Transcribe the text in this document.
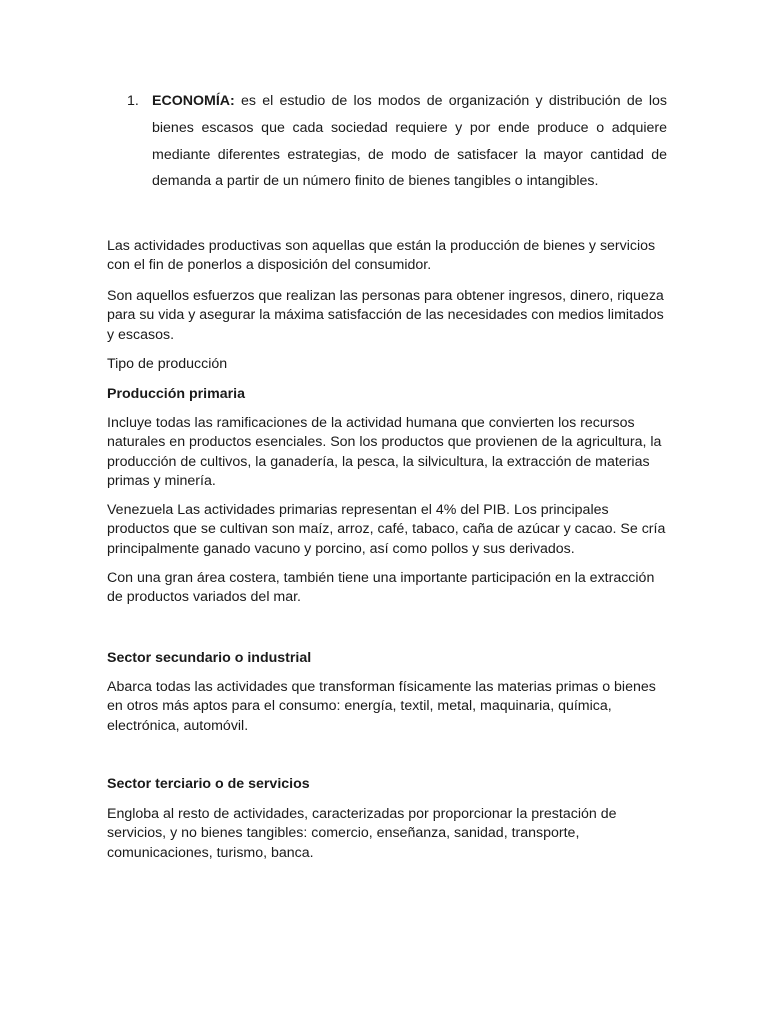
1. ECONOMÍA: es el estudio de los modos de organización y distribución de los bienes escasos que cada sociedad requiere y por ende produce o adquiere mediante diferentes estrategias, de modo de satisfacer la mayor cantidad de demanda a partir de un número finito de bienes tangibles o intangibles.
Las actividades productivas son aquellas que están la producción de bienes y servicios con el fin de ponerlos a disposición del consumidor.
Son aquellos esfuerzos que realizan las personas para obtener ingresos, dinero, riqueza para su vida y asegurar la máxima satisfacción de las necesidades con medios limitados y escasos.
Tipo de producción
Producción primaria
Incluye todas las ramificaciones de la actividad humana que convierten los recursos naturales en productos esenciales. Son los productos que provienen de la agricultura, la producción de cultivos, la ganadería, la pesca, la silvicultura, la extracción de materias primas y minería.
Venezuela Las actividades primarias representan el 4% del PIB. Los principales productos que se cultivan son maíz, arroz, café, tabaco, caña de azúcar y cacao. Se cría principalmente ganado vacuno y porcino, así como pollos y sus derivados.
Con una gran área costera, también tiene una importante participación en la extracción de productos variados del mar.
Sector secundario o industrial
Abarca todas las actividades que transforman físicamente las materias primas o bienes en otros más aptos para el consumo: energía, textil, metal, maquinaria, química, electrónica, automóvil.
Sector terciario o de servicios
Engloba al resto de actividades, caracterizadas por proporcionar la prestación de servicios, y no bienes tangibles: comercio, enseñanza, sanidad, transporte, comunicaciones, turismo, banca.
